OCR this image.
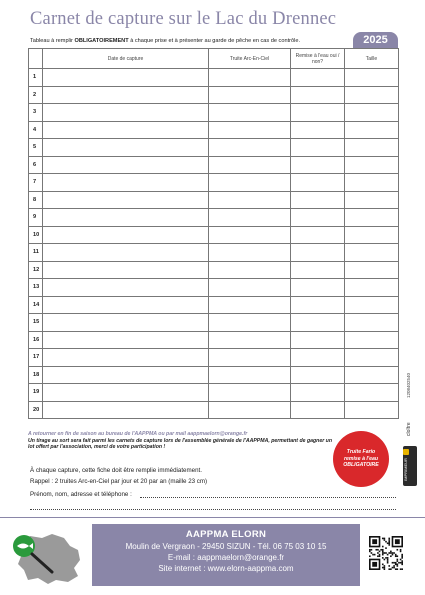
Carnet de capture sur le Lac du Drennec
2025
Tableau à remplir OBLIGATOIREMENT à chaque prise et à présenter au garde de pêche en cas de contrôle.
	Date de capture	Truite Arc-En-Ciel	Remise à l'eau oui / non?	Taille
1				
2				
3				
4				
5				
6				
7				
8				
9				
10				
11				
12				
13				
14				
15				
16				
17				
18				
19				
20				
1208402540
cloître
IMPRIMEUR
A retourner en fin de saison au bureau de l'AAPPMA ou par mail aappmaelorn@orange.fr
Un tirage au sort sera fait parmi les carnets de capture lors de l'assemblée générale de l'AAPPMA, permettant de gagner un lot offert par l'association, merci de votre participation !
Truite Fario remise à l'eau OBLIGATOIRE
À chaque capture, cette fiche doit être remplie immédiatement.
Rappel : 2 truites Arc-en-Ciel par jour et 20 par an (maille 23 cm)
Prénom, nom, adresse et téléphone :
AAPPMA ELORN
Moulin de Vergraon - 29450 SIZUN - Tél. 06 75 03 10 15
E-mail : aappmaelorn@orange.fr
Site internet : www.elorn-aappma.com
